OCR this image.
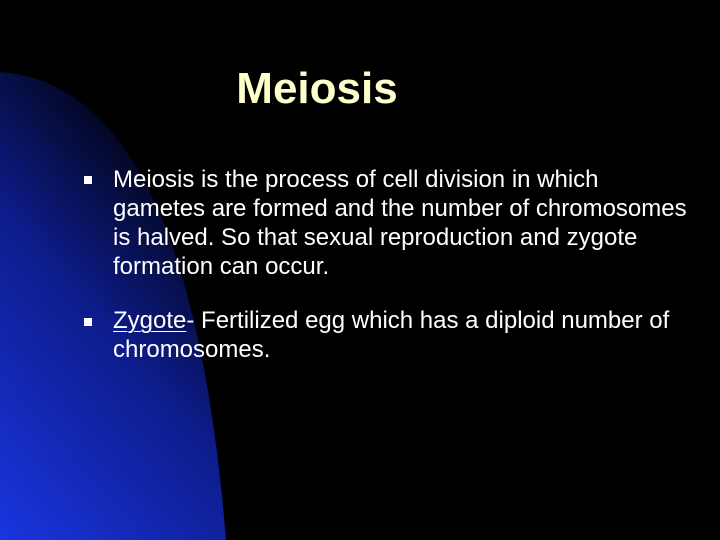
Meiosis
Meiosis is the process of cell division in which gametes are formed and the number of chromosomes is halved. So that sexual reproduction and zygote formation can occur.
Zygote- Fertilized egg which has a diploid number of chromosomes.
